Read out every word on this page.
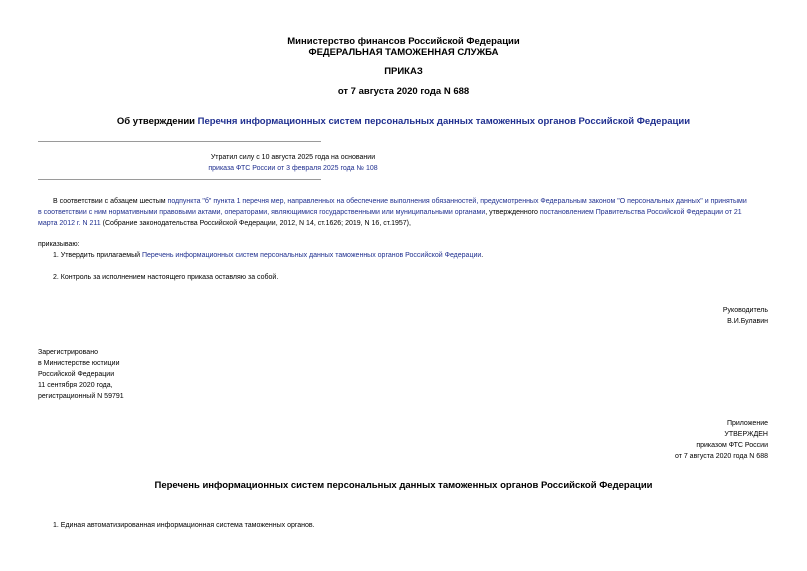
Министерство финансов Российской Федерации
ФЕДЕРАЛЬНАЯ ТАМОЖЕННАЯ СЛУЖБА
ПРИКАЗ
от 7 августа 2020 года N 688
Об утверждении Перечня информационных систем персональных данных таможенных органов Российской Федерации
Утратил силу с 10 августа 2025 года на основании
приказа ФТС России от 3 февраля 2025 года № 108
В соответствии с абзацем шестым подпункта "б" пункта 1 перечня мер, направленных на обеспечение выполнения обязанностей, предусмотренных Федеральным законом "О персональных данных" и принятыми
в соответствии с ним нормативными правовыми актами, операторами, являющимися государственными или муниципальными органами, утвержденного постановлением Правительства Российской Федерации от 21
марта 2012 г. N 211 (Собрание законодательства Российской Федерации, 2012, N 14, ст.1626; 2019, N 16, ст.1957),
приказываю:
1. Утвердить прилагаемый Перечень информационных систем персональных данных таможенных органов Российской Федерации.
2. Контроль за исполнением настоящего приказа оставляю за собой.
Руководитель
В.И.Булавин
Зарегистрировано
в Министерстве юстиции
Российской Федерации
11 сентября 2020 года,
регистрационный N 59791
Приложение
УТВЕРЖДЕН
приказом ФТС России
от 7 августа 2020 года N 688
Перечень информационных систем персональных данных таможенных органов Российской Федерации
1. Единая автоматизированная информационная система таможенных органов.
